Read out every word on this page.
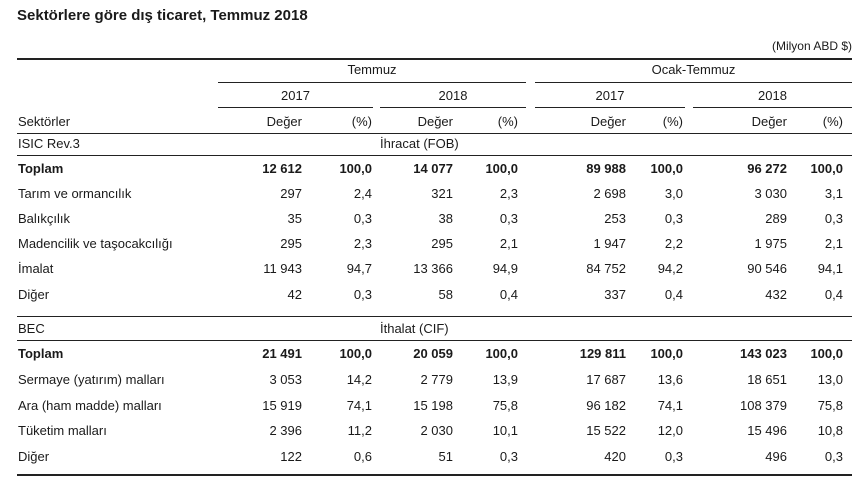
Sektörlere göre dış ticaret, Temmuz 2018
(Milyon ABD $)
Temmuz	Ocak-Temmuz
2017	2018	2017	2018
Sektörler	Değer	(%)	Değer	(%)	Değer	(%)	Değer	(%)
ISIC Rev.3	İhracat (FOB)
Toplam	12 612	100,0	14 077	100,0	89 988	100,0	96 272	100,0
Tarım ve ormancılık	297	2,4	321	2,3	2 698	3,0	3 030	3,1
Balıkçılık	35	0,3	38	0,3	253	0,3	289	0,3
Madencilik ve taşocakcılığı	295	2,3	295	2,1	1 947	2,2	1 975	2,1
İmalat	11 943	94,7	13 366	94,9	84 752	94,2	90 546	94,1
Diğer	42	0,3	58	0,4	337	0,4	432	0,4
BEC	İthalat (CIF)
Toplam	21 491	100,0	20 059	100,0	129 811	100,0	143 023	100,0
Sermaye (yatırım) malları	3 053	14,2	2 779	13,9	17 687	13,6	18 651	13,0
Ara (ham madde) malları	15 919	74,1	15 198	75,8	96 182	74,1	108 379	75,8
Tüketim malları	2 396	11,2	2 030	10,1	15 522	12,0	15 496	10,8
Diğer	122	0,6	51	0,3	420	0,3	496	0,3
